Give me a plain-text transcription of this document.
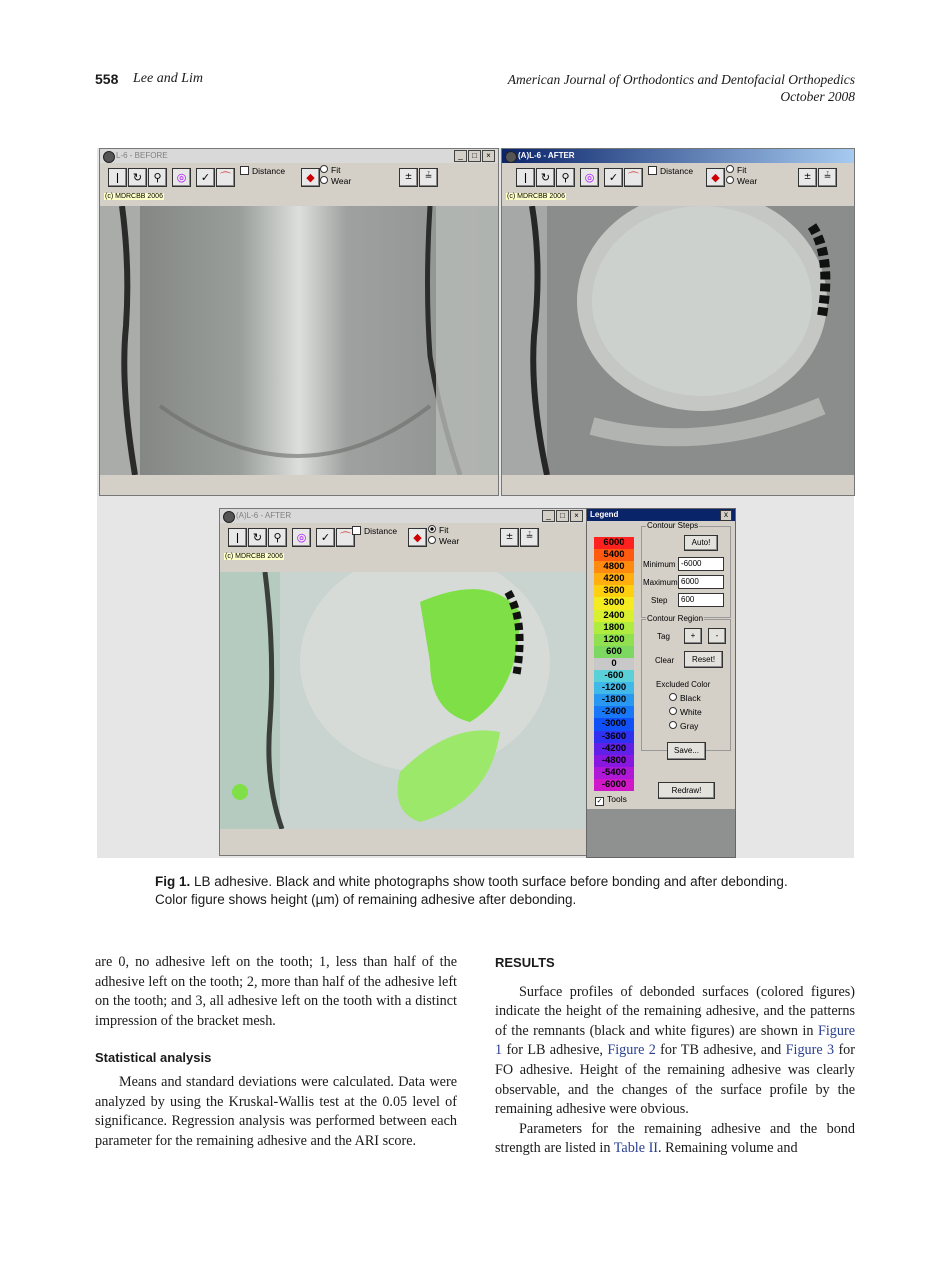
558 Lee and Lim	American Journal of Orthodontics and Dentofacial Orthopedics
October 2008
L-6 - BEFORE	_	□	×
ǀ	↻	⚲	◎	✓ ⌒	Distance	◆
Fit
Wear	±	≟
(c) MDRCBB 2006
(A)L-6 - AFTER
ǀ	↻	⚲	◎	✓ ⌒	Distance	◆
Fit
Wear	±	≟
(c) MDRCBB 2006
(A)L-6 - AFTER	_	□	×
ǀ	↻	⚲	◎	✓ ⌒	Distance	◆
Fit
Wear	±	≟
(c) MDRCBB 2006
Legend	x
6000
5400
4800
4200
3600
3000
2400
1800
1200
600
0
-600
-1200
-1800
-2400
-3000
-3600
-4200
-4800
-5400
-6000
Contour Steps
Auto!
Minimum -6000
Maximum 6000
Step	600
Contour Region
Tag	+	-
Clear	Reset!
Excluded Color
Black
White
Gray
Save...
Redraw!
✓ Tools
Fig 1. LB adhesive. Black and white photographs show tooth surface before bonding and after debonding. Color figure shows height (µm) of remaining adhesive after debonding.
are 0, no adhesive left on the tooth; 1, less than half of the adhesive left on the tooth; 2, more than half of the adhesive left on the tooth; and 3, all adhesive left on the tooth with a distinct impression of the bracket mesh.
Statistical analysis
Means and standard deviations were calculated. Data were analyzed by using the Kruskal-Wallis test at the 0.05 level of significance. Regression analysis was performed between each parameter for the remaining adhesive and the ARI score.
RESULTS
Surface profiles of debonded surfaces (colored figures) indicate the height of the remaining adhesive, and the patterns of the remnants (black and white figures) are shown in Figure 1 for LB adhesive, Figure 2 for TB adhesive, and Figure 3 for FO adhesive. Height of the remaining adhesive was clearly observable, and the changes of the surface profile by the remaining adhesive were obvious.
Parameters for the remaining adhesive and the bond strength are listed in Table II. Remaining volume and
